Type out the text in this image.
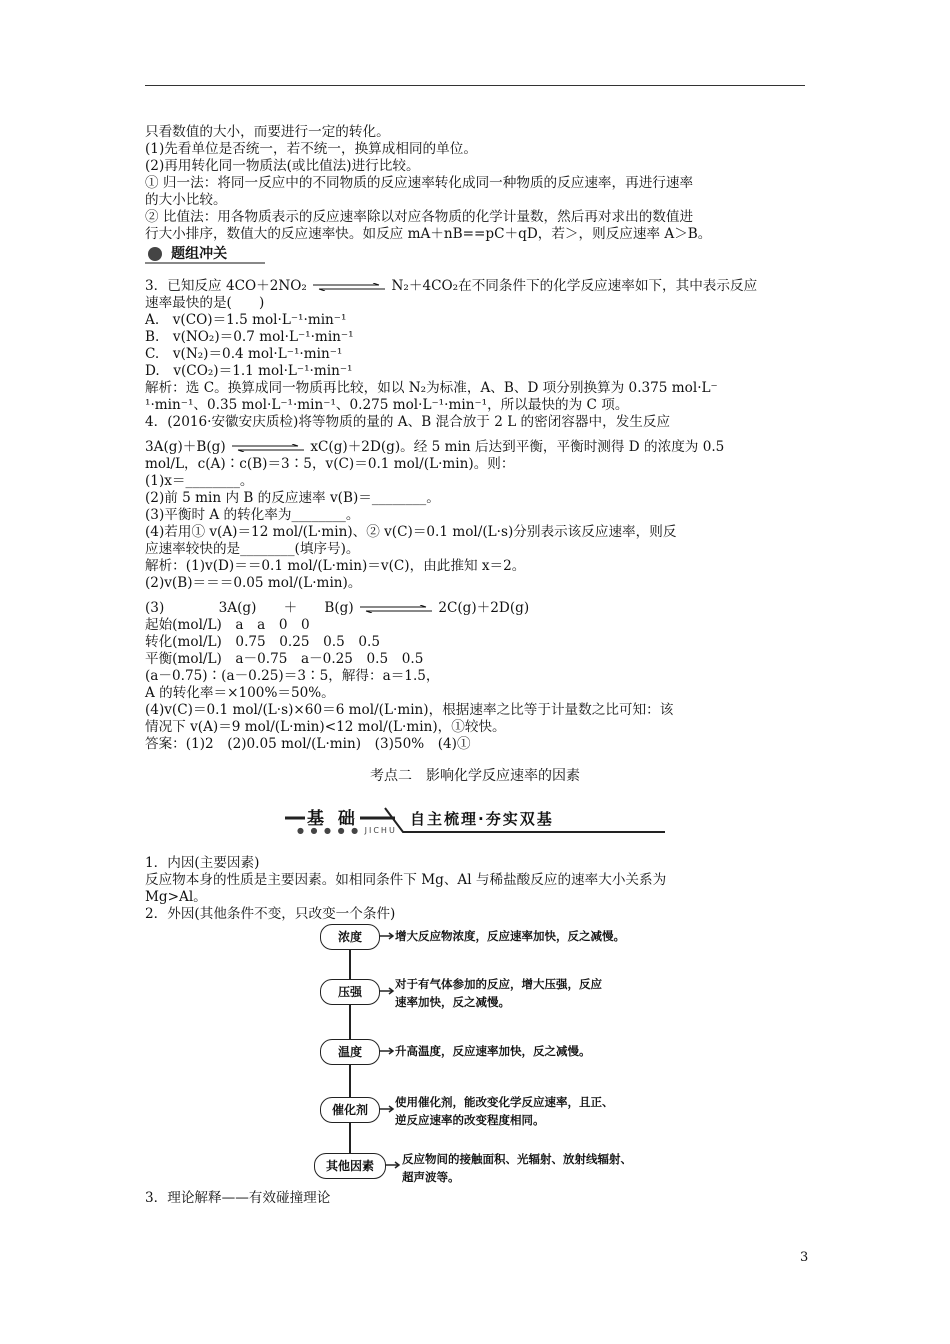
只看数值的大小，而要进行一定的转化。
(1)先看单位是否统一，若不统一，换算成相同的单位。
(2)再用转化同一物质法(或比值法)进行比较。
① 归一法：将同一反应中的不同物质的反应速率转化成同一种物质的反应速率，再进行速率
的大小比较。
② 比值法：用各物质表示的反应速率除以对应各物质的化学计量数，然后再对求出的数值进
行大小排序，数值大的反应速率快。如反应 mA＋nB==pC＋qD，若＞，则反应速率 A＞B。
题组冲关
3．已知反应 4CO＋2NO₂	N₂＋4CO₂在不同条件下的化学反应速率如下，其中表示反应
速率最快的是(　　)
A.　v(CO)＝1.5 mol·L⁻¹·min⁻¹
B.　v(NO₂)＝0.7 mol·L⁻¹·min⁻¹
C.　v(N₂)＝0.4 mol·L⁻¹·min⁻¹
D.　v(CO₂)＝1.1 mol·L⁻¹·min⁻¹
解析：选 C。换算成同一物质再比较，如以 N₂为标准，A、B、D 项分别换算为 0.375 mol·L⁻
¹·min⁻¹、0.35 mol·L⁻¹·min⁻¹、0.275 mol·L⁻¹·min⁻¹，所以最快的为 C 项。
4．(2016·安徽安庆质检)将等物质的量的 A、B 混合放于 2 L 的密闭容器中，发生反应
3A(g)＋B(g)	xC(g)＋2D(g)。经 5 min 后达到平衡，平衡时测得 D 的浓度为 0.5
mol/L，c(A)∶c(B)＝3∶5，v(C)＝0.1 mol/(L·min)。则：
(1)x＝________。
(2)前 5 min 内 B 的反应速率 v(B)＝________。
(3)平衡时 A 的转化率为________。
(4)若用① v(A)＝12 mol/(L·min)、② v(C)＝0.1 mol/(L·s)分别表示该反应速率，则反
应速率较快的是________(填序号)。
解析：(1)v(D)＝＝0.1 mol/(L·min)＝v(C)，由此推知 x＝2。
(2)v(B)＝＝＝0.05 mol/(L·min)。
(3)　　　　3A(g)　　＋　　B(g)	2C(g)＋2D(g)
起始(mol/L)　a　a　0　0
转化(mol/L)　0.75　0.25　0.5　0.5
平衡(mol/L)　a－0.75　a－0.25　0.5　0.5
(a－0.75)∶(a－0.25)＝3∶5，解得：a＝1.5，
A 的转化率＝×100%＝50%。
(4)v(C)＝0.1 mol/(L·s)×60＝6 mol/(L·min)，根据速率之比等于计量数之比可知：该
情况下 v(A)＝9 mol/(L·min)<12 mol/(L·min)，①较快。
答案：(1)2　(2)0.05 mol/(L·min)　(3)50%　(4)①
考点二　影响化学反应速率的因素
基 础
● ● ● ● ● JICHU
自主梳理·夯实双基
1．内因(主要因素)
反应物本身的性质是主要因素。如相同条件下 Mg、Al 与稀盐酸反应的速率大小关系为
Mg>Al。
2．外因(其他条件不变，只改变一个条件)
浓度	增大反应物浓度，反应速率加快，反之减慢。
压强
对于有气体参加的反应，增大压强，反应
速率加快，反之减慢。
温度	升高温度，反应速率加快，反之减慢。
催化剂
使用催化剂，能改变化学反应速率，且正、
逆反应速率的改变程度相同。
其他因素	反应物间的接触面积、光辐射、放射线辐射、
超声波等。
3．理论解释——有效碰撞理论
3
